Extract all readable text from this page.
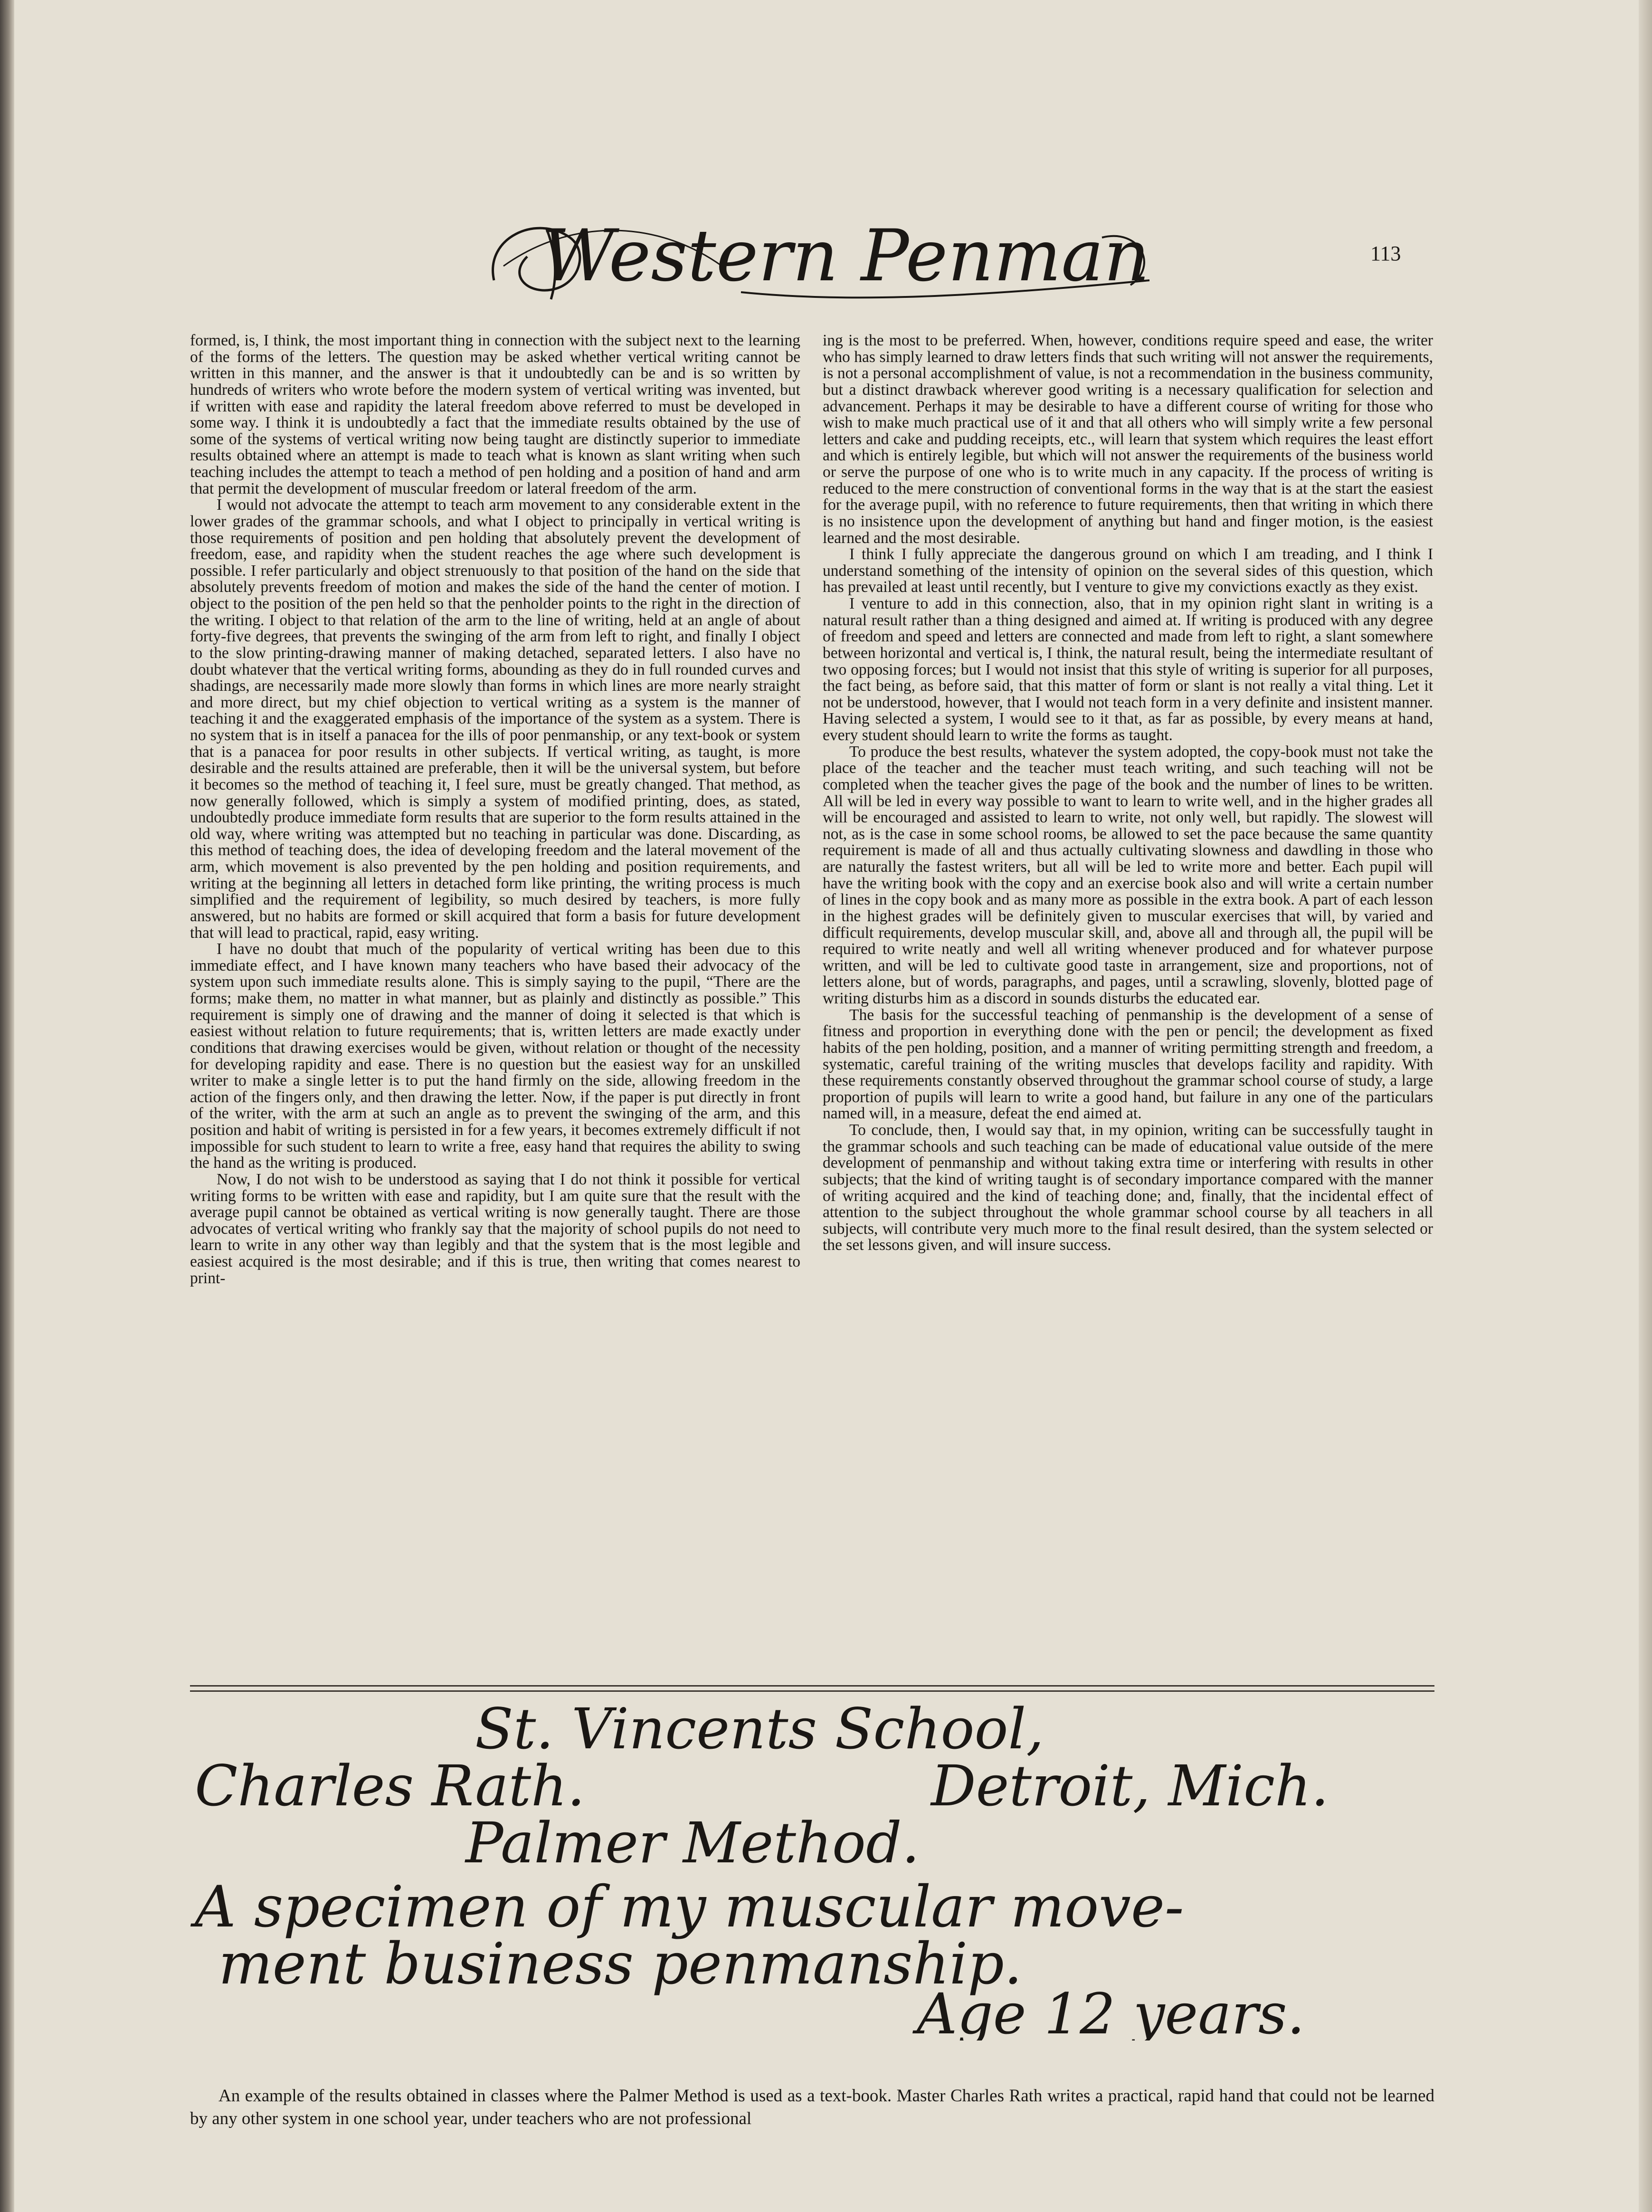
Western Penman	113

formed, is, I think, the most important thing in connection with the subject next to the learning of the forms of the letters. The question may be asked whether vertical writing cannot be written in this manner, and the answer is that it undoubtedly can be and is so written by hundreds of writers who wrote before the modern system of vertical writing was invented, but if written with ease and rapidity the lateral freedom above referred to must be developed in some way. I think it is undoubtedly a fact that the immediate results obtained by the use of some of the systems of vertical writing now being taught are distinctly superior to immediate results obtained where an attempt is made to teach what is known as slant writing when such teaching includes the attempt to teach a method of pen holding and a position of hand and arm that permit the development of muscular freedom or lateral freedom of the arm.

I would not advocate the attempt to teach arm movement to any considerable extent in the lower grades of the grammar schools, and what I object to principally in vertical writing is those requirements of position and pen holding that absolutely prevent the development of freedom, ease, and rapidity when the student reaches the age where such development is possible. I refer particularly and object strenuously to that position of the hand on the side that absolutely prevents freedom of motion and makes the side of the hand the center of motion. I object to the position of the pen held so that the penholder points to the right in the direction of the writing. I object to that relation of the arm to the line of writing, held at an angle of about forty-five degrees, that prevents the swinging of the arm from left to right, and finally I object to the slow printing-drawing manner of making detached, separated letters. I also have no doubt whatever that the vertical writing forms, abounding as they do in full rounded curves and shadings, are necessarily made more slowly than forms in which lines are more nearly straight and more direct, but my chief objection to vertical writing as a system is the manner of teaching it and the exaggerated emphasis of the importance of the system as a system. There is no system that is in itself a panacea for the ills of poor penmanship, or any text-book or system that is a panacea for poor results in other subjects. If vertical writing, as taught, is more desirable and the results attained are preferable, then it will be the universal system, but before it becomes so the method of teaching it, I feel sure, must be greatly changed. That method, as now generally followed, which is simply a system of modified printing, does, as stated, undoubtedly produce immediate form results that are superior to the form results attained in the old way, where writing was attempted but no teaching in particular was done. Discarding, as this method of teaching does, the idea of developing freedom and the lateral movement of the arm, which movement is also prevented by the pen holding and position requirements, and writing at the beginning all letters in detached form like printing, the writing process is much simplified and the requirement of legibility, so much desired by teachers, is more fully answered, but no habits are formed or skill acquired that form a basis for future development that will lead to practical, rapid, easy writing.

I have no doubt that much of the popularity of vertical writing has been due to this immediate effect, and I have known many teachers who have based their advocacy of the system upon such immediate results alone. This is simply saying to the pupil, “There are the forms; make them, no matter in what manner, but as plainly and distinctly as possible.” This requirement is simply one of drawing and the manner of doing it selected is that which is easiest without relation to future requirements; that is, written letters are made exactly under conditions that drawing exercises would be given, without relation or thought of the necessity for developing rapidity and ease. There is no question but the easiest way for an unskilled writer to make a single letter is to put the hand firmly on the side, allowing freedom in the action of the fingers only, and then drawing the letter. Now, if the paper is put directly in front of the writer, with the arm at such an angle as to prevent the swinging of the arm, and this position and habit of writing is persisted in for a few years, it becomes extremely difficult if not impossible for such student to learn to write a free, easy hand that requires the ability to swing the hand as the writing is produced.

Now, I do not wish to be understood as saying that I do not think it possible for vertical writing forms to be written with ease and rapidity, but I am quite sure that the result with the average pupil cannot be obtained as vertical writing is now generally taught. There are those advocates of vertical writing who frankly say that the majority of school pupils do not need to learn to write in any other way than legibly and that the system that is the most legible and easiest acquired is the most desirable; and if this is true, then writing that comes nearest to print-

ing is the most to be preferred. When, however, conditions require speed and ease, the writer who has simply learned to draw letters finds that such writing will not answer the requirements, is not a personal accomplishment of value, is not a recommendation in the business community, but a distinct drawback wherever good writing is a necessary qualification for selection and advancement. Perhaps it may be desirable to have a different course of writing for those who wish to make much practical use of it and that all others who will simply write a few personal letters and cake and pudding receipts, etc., will learn that system which requires the least effort and which is entirely legible, but which will not answer the requirements of the business world or serve the purpose of one who is to write much in any capacity. If the process of writing is reduced to the mere construction of conventional forms in the way that is at the start the easiest for the average pupil, with no reference to future requirements, then that writing in which there is no insistence upon the development of anything but hand and finger motion, is the easiest learned and the most desirable.

I think I fully appreciate the dangerous ground on which I am treading, and I think I understand something of the intensity of opinion on the several sides of this question, which has prevailed at least until recently, but I venture to give my convictions exactly as they exist.

I venture to add in this connection, also, that in my opinion right slant in writing is a natural result rather than a thing designed and aimed at. If writing is produced with any degree of freedom and speed and letters are connected and made from left to right, a slant somewhere between horizontal and vertical is, I think, the natural result, being the intermediate resultant of two opposing forces; but I would not insist that this style of writing is superior for all purposes, the fact being, as before said, that this matter of form or slant is not really a vital thing. Let it not be understood, however, that I would not teach form in a very definite and insistent manner. Having selected a system, I would see to it that, as far as possible, by every means at hand, every student should learn to write the forms as taught.

To produce the best results, whatever the system adopted, the copy-book must not take the place of the teacher and the teacher must teach writing, and such teaching will not be completed when the teacher gives the page of the book and the number of lines to be written. All will be led in every way possible to want to learn to write well, and in the higher grades all will be encouraged and assisted to learn to write, not only well, but rapidly. The slowest will not, as is the case in some school rooms, be allowed to set the pace because the same quantity requirement is made of all and thus actually cultivating slowness and dawdling in those who are naturally the fastest writers, but all will be led to write more and better. Each pupil will have the writing book with the copy and an exercise book also and will write a certain number of lines in the copy book and as many more as possible in the extra book. A part of each lesson in the highest grades will be definitely given to muscular exercises that will, by varied and difficult requirements, develop muscular skill, and, above all and through all, the pupil will be required to write neatly and well all writing whenever produced and for whatever purpose written, and will be led to cultivate good taste in arrangement, size and proportions, not of letters alone, but of words, paragraphs, and pages, until a scrawling, slovenly, blotted page of writing disturbs him as a discord in sounds disturbs the educated ear.

The basis for the successful teaching of penmanship is the development of a sense of fitness and proportion in everything done with the pen or pencil; the development as fixed habits of the pen holding, position, and a manner of writing permitting strength and freedom, a systematic, careful training of the writing muscles that develops facility and rapidity. With these requirements constantly observed throughout the grammar school course of study, a large proportion of pupils will learn to write a good hand, but failure in any one of the particulars named will, in a measure, defeat the end aimed at.

To conclude, then, I would say that, in my opinion, writing can be successfully taught in the grammar schools and such teaching can be made of educational value outside of the mere development of penmanship and without taking extra time or interfering with results in other subjects; that the kind of writing taught is of secondary importance compared with the manner of writing acquired and the kind of teaching done; and, finally, that the incidental effect of attention to the subject throughout the whole grammar school course by all teachers in all subjects, will contribute very much more to the final result desired, than the system selected or the set lessons given, and will insure success.

St. Vincents School,
Charles Rath.	Detroit, Mich.
Palmer Method.
A specimen of my muscular move-
ment business penmanship.
Age 12 years.

An example of the results obtained in classes where the Palmer Method is used as a text-book. Master Charles Rath writes a practical, rapid hand that could not be learned by any other system in one school year, under teachers who are not professional
